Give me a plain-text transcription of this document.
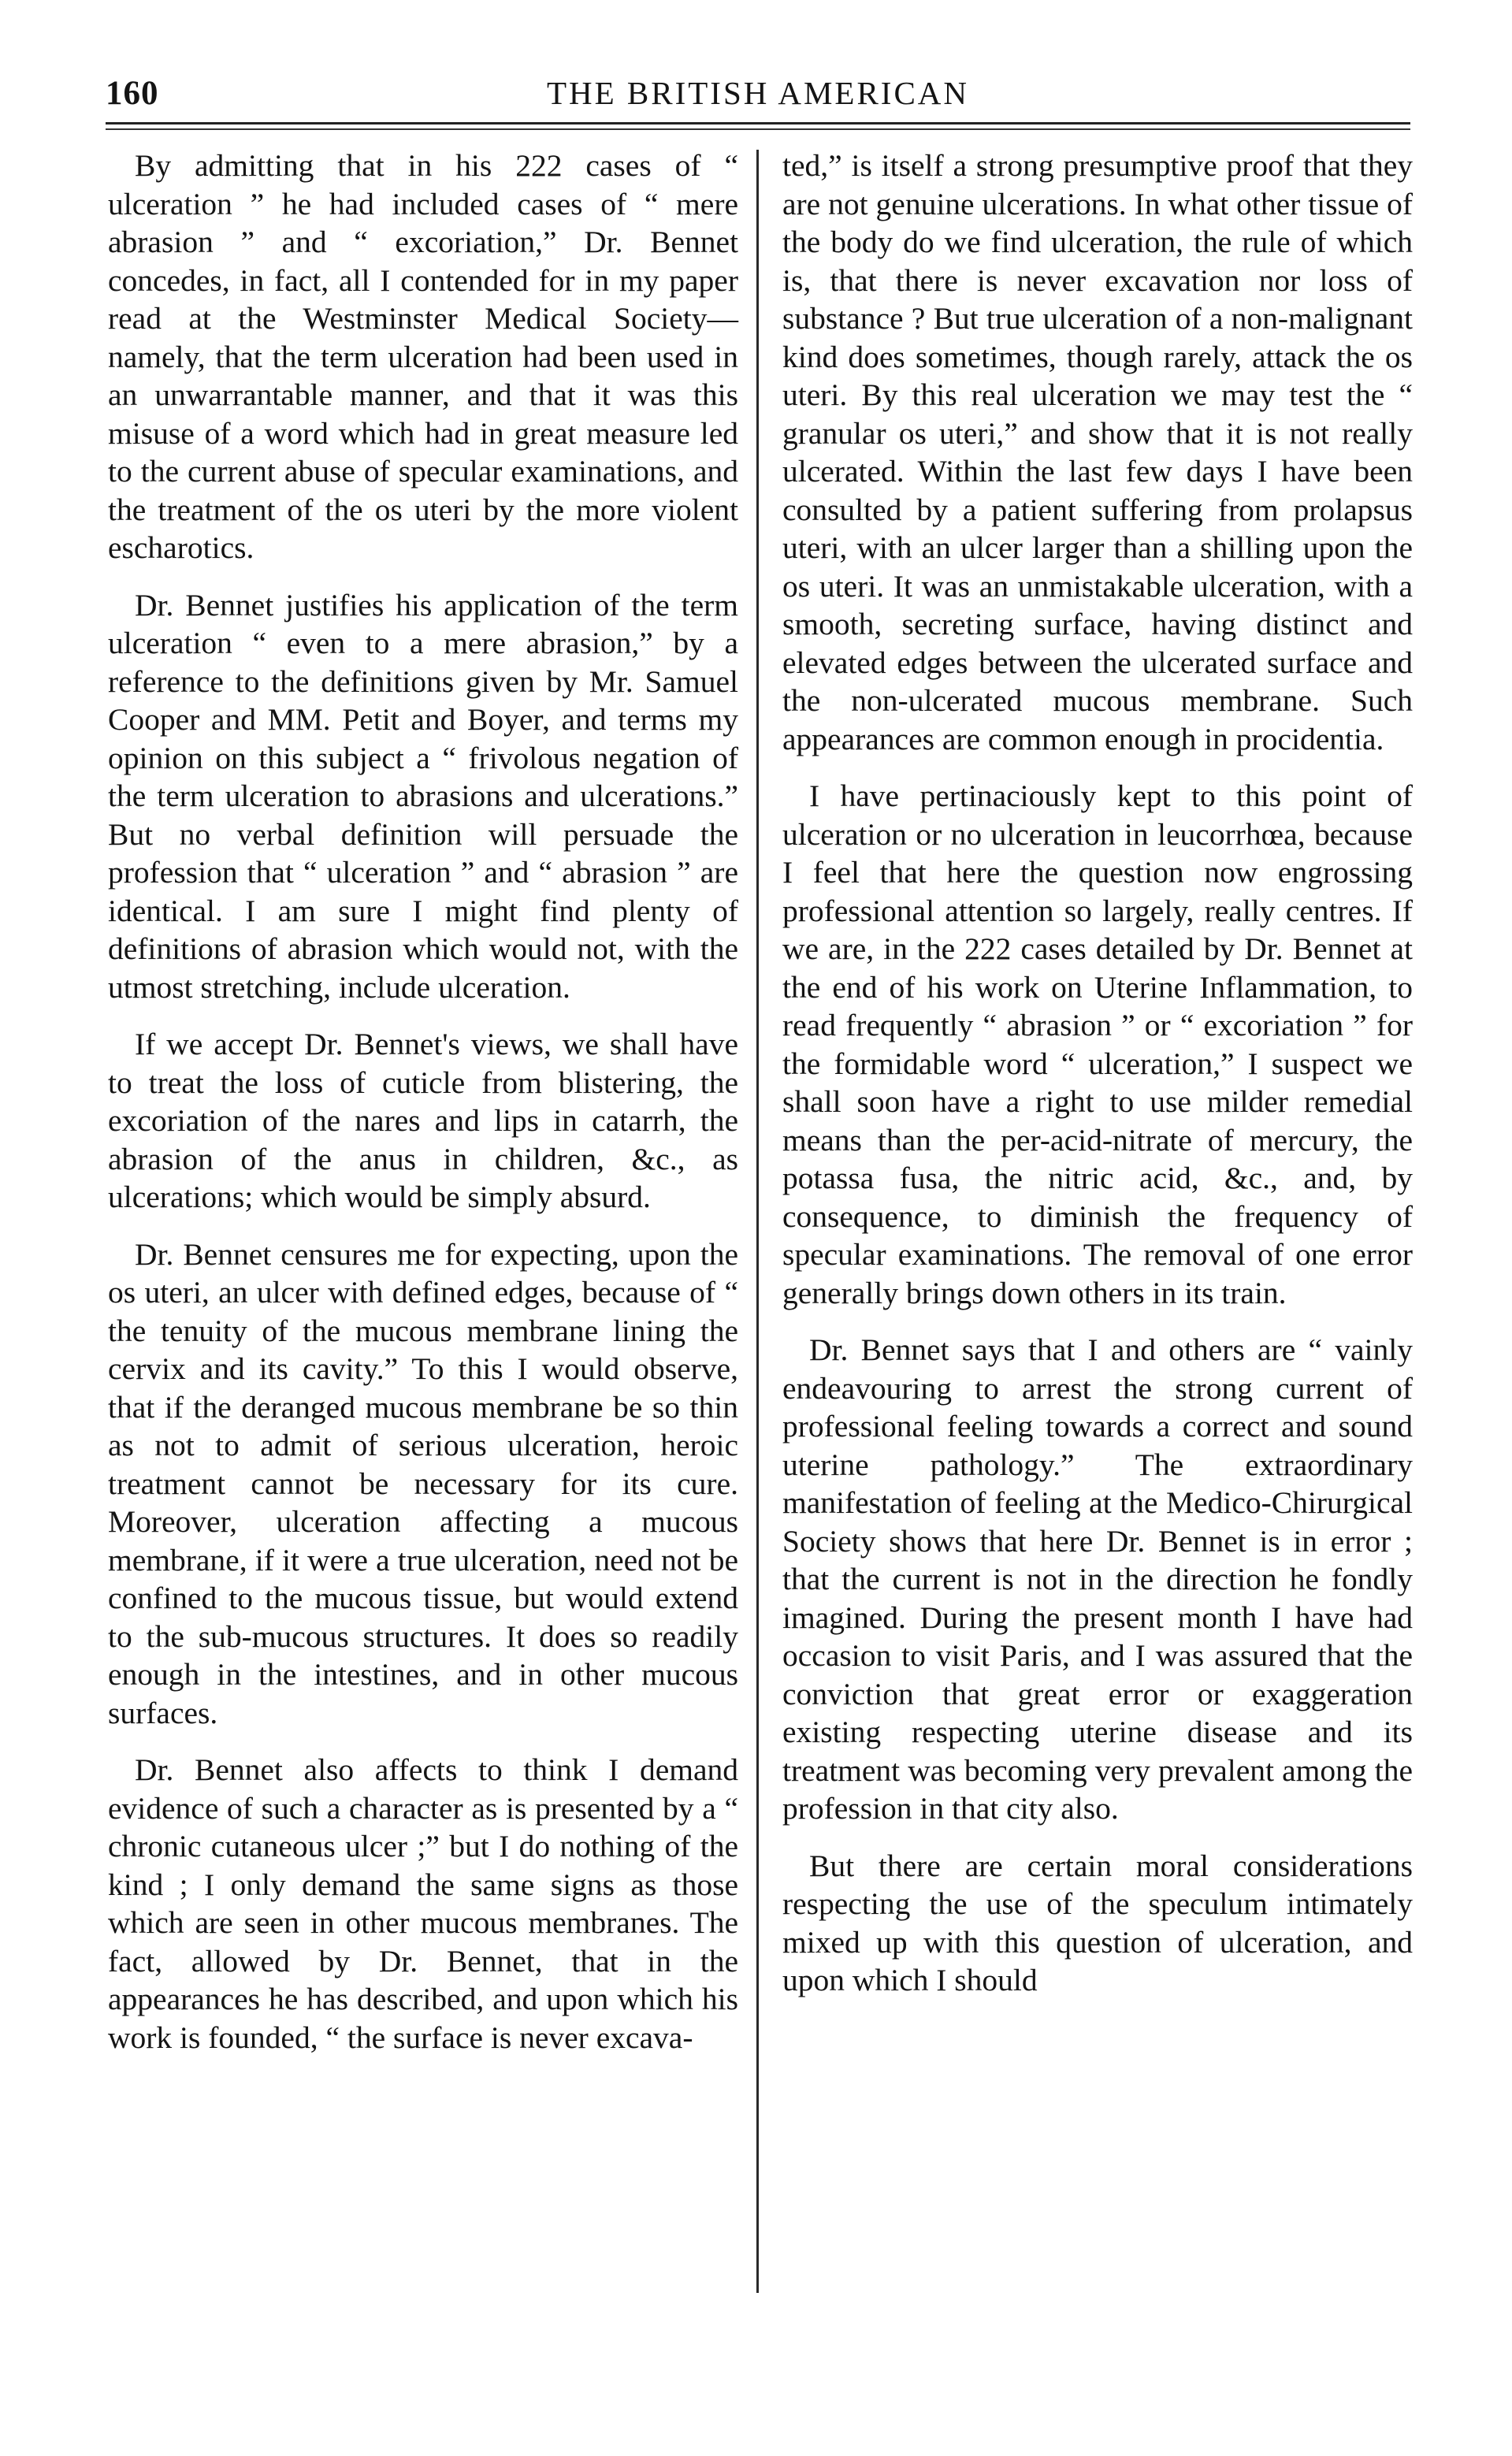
160	THE BRITISH AMERICAN

By admitting that in his 222 cases of “ ulceration ” he had included cases of “ mere abrasion ” and “ excoriation,” Dr. Bennet concedes, in fact, all I contended for in my paper read at the Westminster Medical Society—namely, that the term ulceration had been used in an unwarrantable manner, and that it was this misuse of a word which had in great measure led to the current abuse of specular examinations, and the treatment of the os uteri by the more violent escharotics.

Dr. Bennet justifies his application of the term ulceration “ even to a mere abrasion,” by a reference to the definitions given by Mr. Samuel Cooper and MM. Petit and Boyer, and terms my opinion on this subject a “ frivolous negation of the term ulceration to abrasions and ulcerations.” But no verbal definition will persuade the profession that “ ulceration ” and “ abrasion ” are identical. I am sure I might find plenty of definitions of abrasion which would not, with the utmost stretching, include ulceration.

If we accept Dr. Bennet's views, we shall have to treat the loss of cuticle from blistering, the excoriation of the nares and lips in catarrh, the abrasion of the anus in children, &c., as ulcerations; which would be simply absurd.

Dr. Bennet censures me for expecting, upon the os uteri, an ulcer with defined edges, because of “ the tenuity of the mucous membrane lining the cervix and its cavity.” To this I would observe, that if the deranged mucous membrane be so thin as not to admit of serious ulceration, heroic treatment cannot be necessary for its cure. Moreover, ulceration affecting a mucous membrane, if it were a true ulceration, need not be confined to the mucous tissue, but would extend to the sub-mucous structures. It does so readily enough in the intestines, and in other mucous surfaces.

Dr. Bennet also affects to think I demand evidence of such a character as is presented by a “ chronic cutaneous ulcer ;” but I do nothing of the kind ; I only demand the same signs as those which are seen in other mucous membranes. The fact, allowed by Dr. Bennet, that in the appearances he has described, and upon which his work is founded, “ the surface is never excava-

ted,” is itself a strong presumptive proof that they are not genuine ulcerations. In what other tissue of the body do we find ulceration, the rule of which is, that there is never excavation nor loss of substance ? But true ulceration of a non-malignant kind does sometimes, though rarely, attack the os uteri. By this real ulceration we may test the “ granular os uteri,” and show that it is not really ulcerated. Within the last few days I have been consulted by a patient suffering from prolapsus uteri, with an ulcer larger than a shilling upon the os uteri. It was an unmistakable ulceration, with a smooth, secreting surface, having distinct and elevated edges between the ulcerated surface and the non-ulcerated mucous membrane. Such appearances are common enough in procidentia.

I have pertinaciously kept to this point of ulceration or no ulceration in leucorrhœa, because I feel that here the question now engrossing professional attention so largely, really centres. If we are, in the 222 cases detailed by Dr. Bennet at the end of his work on Uterine Inflammation, to read frequently “ abrasion ” or “ excoriation ” for the formidable word “ ulceration,” I suspect we shall soon have a right to use milder remedial means than the per-acid-nitrate of mercury, the potassa fusa, the nitric acid, &c., and, by consequence, to diminish the frequency of specular examinations. The removal of one error generally brings down others in its train.

Dr. Bennet says that I and others are “ vainly endeavouring to arrest the strong current of professional feeling towards a correct and sound uterine pathology.” The extraordinary manifestation of feeling at the Medico-Chirurgical Society shows that here Dr. Bennet is in error ; that the current is not in the direction he fondly imagined. During the present month I have had occasion to visit Paris, and I was assured that the conviction that great error or exaggeration existing respecting uterine disease and its treatment was becoming very prevalent among the profession in that city also.

But there are certain moral considerations respecting the use of the speculum intimately mixed up with this question of ulceration, and upon which I should
